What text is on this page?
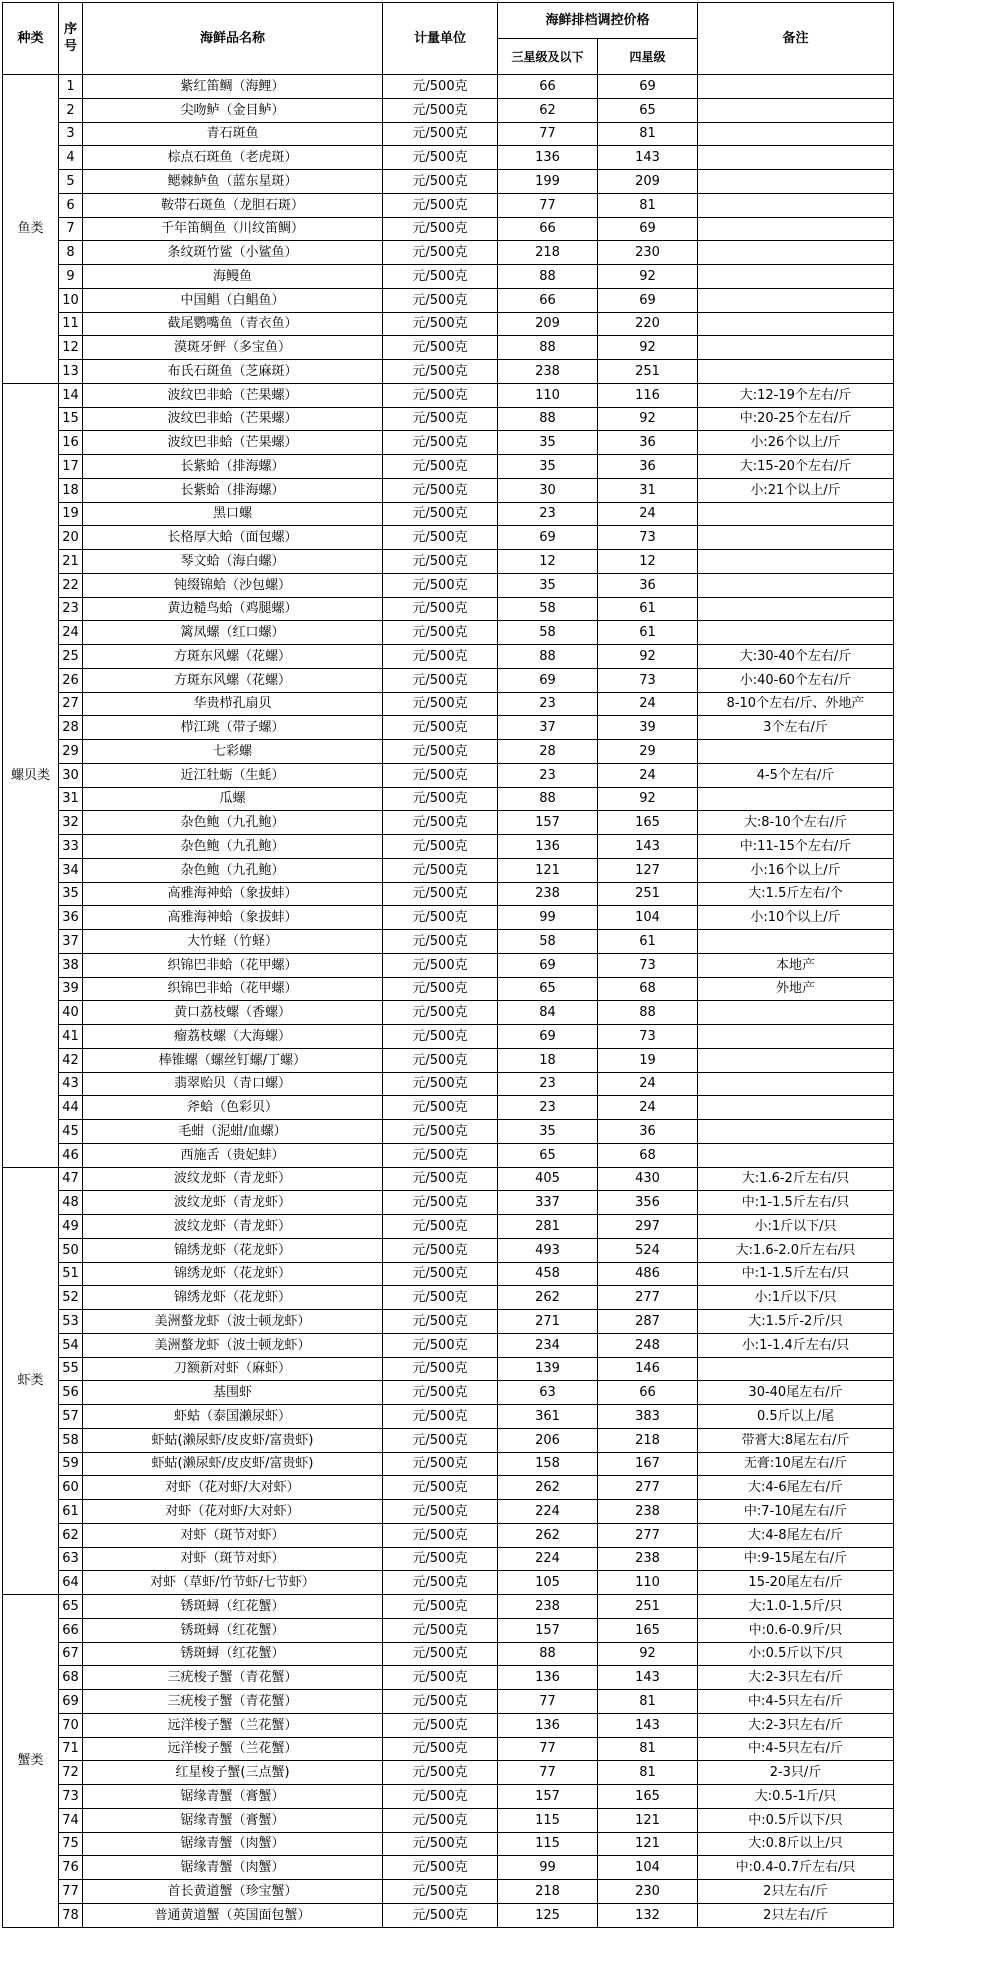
种类	序号	海鲜品名称	计量单位	海鲜排档调控价格		备注
				三星级及以下	四星级	
鱼类	1	紫红笛鲷（海鲤）	元/500克	66	69	
	2	尖吻鲈（金目鲈）	元/500克	62	65	
	3	青石斑鱼	元/500克	77	81	
	4	棕点石斑鱼（老虎斑）	元/500克	136	143	
	5	鳃棘鲈鱼（蓝东星斑）	元/500克	199	209	
	6	鞍带石斑鱼（龙胆石斑）	元/500克	77	81	
	7	千年笛鲷鱼（川纹笛鲷）	元/500克	66	69	
	8	条纹斑竹鲨（小鲨鱼）	元/500克	218	230	
	9	海鳗鱼	元/500克	88	92	
	10	中国鲳（白鲳鱼）	元/500克	66	69	
	11	截尾鹦嘴鱼（青衣鱼）	元/500克	209	220	
	12	漠斑牙鲆（多宝鱼）	元/500克	88	92	
	13	布氏石斑鱼（芝麻斑）	元/500克	238	251	
螺贝类	14	波纹巴非蛤（芒果螺）	元/500克	110	116	大:12-19个左右/斤
	15	波纹巴非蛤（芒果螺）	元/500克	88	92	中:20-25个左右/斤
	16	波纹巴非蛤（芒果螺）	元/500克	35	36	小:26个以上/斤
	17	长紫蛤（排海螺）	元/500克	35	36	大:15-20个左右/斤
	18	长紫蛤（排海螺）	元/500克	30	31	小:21个以上/斤
	19	黑口螺	元/500克	23	24	
	20	长格厚大蛤（面包螺）	元/500克	69	73	
	21	琴文蛤（海白螺）	元/500克	12	12	
	22	钝缀锦蛤（沙包螺）	元/500克	35	36	
	23	黄边糙鸟蛤（鸡腿螺）	元/500克	58	61	
	24	篱凤螺（红口螺）	元/500克	58	61	
	25	方斑东风螺（花螺）	元/500克	88	92	大:30-40个左右/斤
	26	方斑东风螺（花螺）	元/500克	69	73	小:40-60个左右/斤
	27	华贵栉孔扇贝	元/500克	23	24	8-10个左右/斤、外地产
	28	栉江珧（带子螺）	元/500克	37	39	3个左右/斤
	29	七彩螺	元/500克	28	29	
	30	近江牡蛎（生蚝）	元/500克	23	24	4-5个左右/斤
	31	瓜螺	元/500克	88	92	
	32	杂色鲍（九孔鲍）	元/500克	157	165	大:8-10个左右/斤
	33	杂色鲍（九孔鲍）	元/500克	136	143	中:11-15个左右/斤
	34	杂色鲍（九孔鲍）	元/500克	121	127	小:16个以上/斤
	35	高雅海神蛤（象拔蚌）	元/500克	238	251	大:1.5斤左右/个
	36	高雅海神蛤（象拔蚌）	元/500克	99	104	小:10个以上/斤
	37	大竹蛏（竹蛏）	元/500克	58	61	
	38	织锦巴非蛤（花甲螺）	元/500克	69	73	本地产
	39	织锦巴非蛤（花甲螺）	元/500克	65	68	外地产
	40	黄口荔枝螺（香螺）	元/500克	84	88	
	41	瘤荔枝螺（大海螺）	元/500克	69	73	
	42	棒锥螺（螺丝钉螺/丁螺）	元/500克	18	19	
	43	翡翠贻贝（青口螺）	元/500克	23	24	
	44	斧蛤（色彩贝）	元/500克	23	24	
	45	毛蚶（泥蚶/血螺）	元/500克	35	36	
	46	西施舌（贵妃蚌）	元/500克	65	68	
虾类	47	波纹龙虾（青龙虾）	元/500克	405	430	大:1.6-2斤左右/只
	48	波纹龙虾（青龙虾）	元/500克	337	356	中:1-1.5斤左右/只
	49	波纹龙虾（青龙虾）	元/500克	281	297	小:1斤以下/只
	50	锦绣龙虾（花龙虾）	元/500克	493	524	大:1.6-2.0斤左右/只
	51	锦绣龙虾（花龙虾）	元/500克	458	486	中:1-1.5斤左右/只
	52	锦绣龙虾（花龙虾）	元/500克	262	277	小:1斤以下/只
	53	美洲螯龙虾（波士顿龙虾）	元/500克	271	287	大:1.5斤-2斤/只
	54	美洲螯龙虾（波士顿龙虾）	元/500克	234	248	小:1-1.4斤左右/只
	55	刀额新对虾（麻虾）	元/500克	139	146	
	56	基围虾	元/500克	63	66	30-40尾左右/斤
	57	虾蛄（泰国濑尿虾）	元/500克	361	383	0.5斤以上/尾
	58	虾蛄(濑尿虾/皮皮虾/富贵虾)	元/500克	206	218	带膏大:8尾左右/斤
	59	虾蛄(濑尿虾/皮皮虾/富贵虾)	元/500克	158	167	无膏:10尾左右/斤
	60	对虾（花对虾/大对虾）	元/500克	262	277	大:4-6尾左右/斤
	61	对虾（花对虾/大对虾）	元/500克	224	238	中:7-10尾左右/斤
	62	对虾（斑节对虾）	元/500克	262	277	大:4-8尾左右/斤
	63	对虾（斑节对虾）	元/500克	224	238	中:9-15尾左右/斤
	64	对虾（草虾/竹节虾/七节虾）	元/500克	105	110	15-20尾左右/斤
蟹类	65	锈斑蟳（红花蟹）	元/500克	238	251	大:1.0-1.5斤/只
	66	锈斑蟳（红花蟹）	元/500克	157	165	中:0.6-0.9斤/只
	67	锈斑蟳（红花蟹）	元/500克	88	92	小:0.5斤以下/只
	68	三疣梭子蟹（青花蟹）	元/500克	136	143	大:2-3只左右/斤
	69	三疣梭子蟹（青花蟹）	元/500克	77	81	中:4-5只左右/斤
	70	远洋梭子蟹（兰花蟹）	元/500克	136	143	大:2-3只左右/斤
	71	远洋梭子蟹（兰花蟹）	元/500克	77	81	中:4-5只左右/斤
	72	红星梭子蟹(三点蟹)	元/500克	77	81	2-3只/斤
	73	锯缘青蟹（膏蟹）	元/500克	157	165	大:0.5-1斤/只
	74	锯缘青蟹（膏蟹）	元/500克	115	121	中:0.5斤以下/只
	75	锯缘青蟹（肉蟹）	元/500克	115	121	大:0.8斤以上/只
	76	锯缘青蟹（肉蟹）	元/500克	99	104	中:0.4-0.7斤左右/只
	77	首长黄道蟹（珍宝蟹）	元/500克	218	230	2只左右/斤
	78	普通黄道蟹（英国面包蟹）	元/500克	125	132	2只左右/斤
